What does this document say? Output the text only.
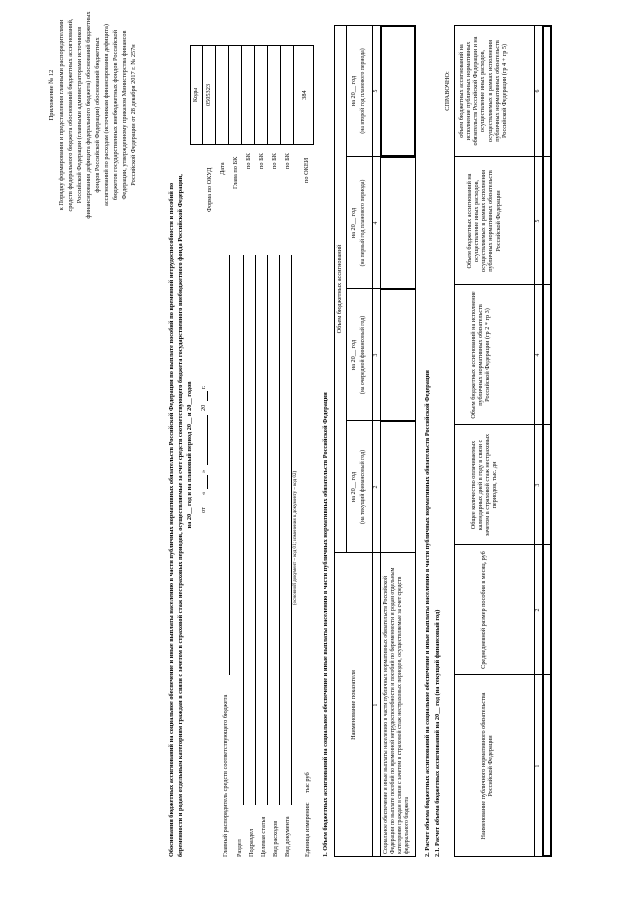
Приложение № 12 к Порядку формирования и представления главными распорядителями средств федерального бюджета обоснований бюджетных ассигнований, Российской Федерации (главными администраторами источников финансирования дефицита федерального бюджета) обоснований бюджетных фондов Российской Федерации) обоснований бюджетных ассигнований по расходам (источникам финансирования дефицита) бюджетов государственных внебюджетных фондов Российской Федерации, утвержденному приказом Министерства финансов Российской Федерации от 28 декабря 2017 г. № 257н
Обоснования бюджетных ассигнований на социальное обеспечение и иные выплаты населению в части публичных нормативных обязательств Российской Федерации по выплате пособий по временной нетрудоспособности и пособий по беременности и родам отдельным категориям граждан в связи с зачетом в страховой стаж нестраховых периодов, осуществляемые за счет средств соответствующего бюджета государственного внебюджетного фонда Российской Федерации, на 20__ год и на плановый период 20__ и 20__ годов от
«
»
20
г.
Главный распорядитель средств соответствующего бюджета Раздел Подраздел Целевая статья Вид расходов Вид документа
(основной документ – код 01; изменения к документу – код 02)
Единица измерения:
тыс руб
Форма по ОКУД Дата Глава по БК по БК по БК по БК по БК по ОКЕИ
Коды 0505323	384
1. Объем бюджетных ассигнований на социальное обеспечение и иные выплаты населению в части публичных нормативных обязательств Российской Федерации	Наименование показателя
Объем бюджетных ассигнований
на 20__ год (на текущий финансовый год)
на 20__ год (на очередной финансовый год)
на 20__ год (на первый год планового периода)
на 20__ год (на второй год планового периода)
1
2
3
4
5
Социальное обеспечение и иные выплаты населению в части публичных нормативных обязательств Российской Федерации по выплате пособий по временной нетрудоспособности и пособий по беременности и родам отдельным категориям граждан в связи с зачетом в страховой стаж нестраховых периодов, осуществляемые за счет средств федерального бюджета 2. Расчет объема бюджетных ассигнований на социальное обеспечение и иные выплаты населению в части публичных нормативных обязательств Российской Федерации 2.1. Расчет объема бюджетных ассигнований на 20__ год (на текущий финансовый год)
СПРАВОЧНО:
Наименование публичного нормативного обязательства Российской Федерации
Среднедневной размер пособия в месяц, руб
Общее количество оплачиваемых календарных дней в году в связи с зачетом в страховой стаж нестраховых периодов, тыс. дн
Объем бюджетных ассигнований на исполнение публичных нормативных обязательств Российской Федерации (гр 2 * гр 3)
Объем бюджетных ассигнований на осуществление иных расходов, осуществляемых в рамках исполнения публичных нормативных обязательств Российской Федерации
объем бюджетных ассигнований на исполнение публичных нормативных обязательств Российской Федерации и на осуществление иных расходов, осуществляемых в рамках исполнения публичных нормативных обязательств Российской Федерации (гр 4 + гр 5)
1
2
3
4
5
6
